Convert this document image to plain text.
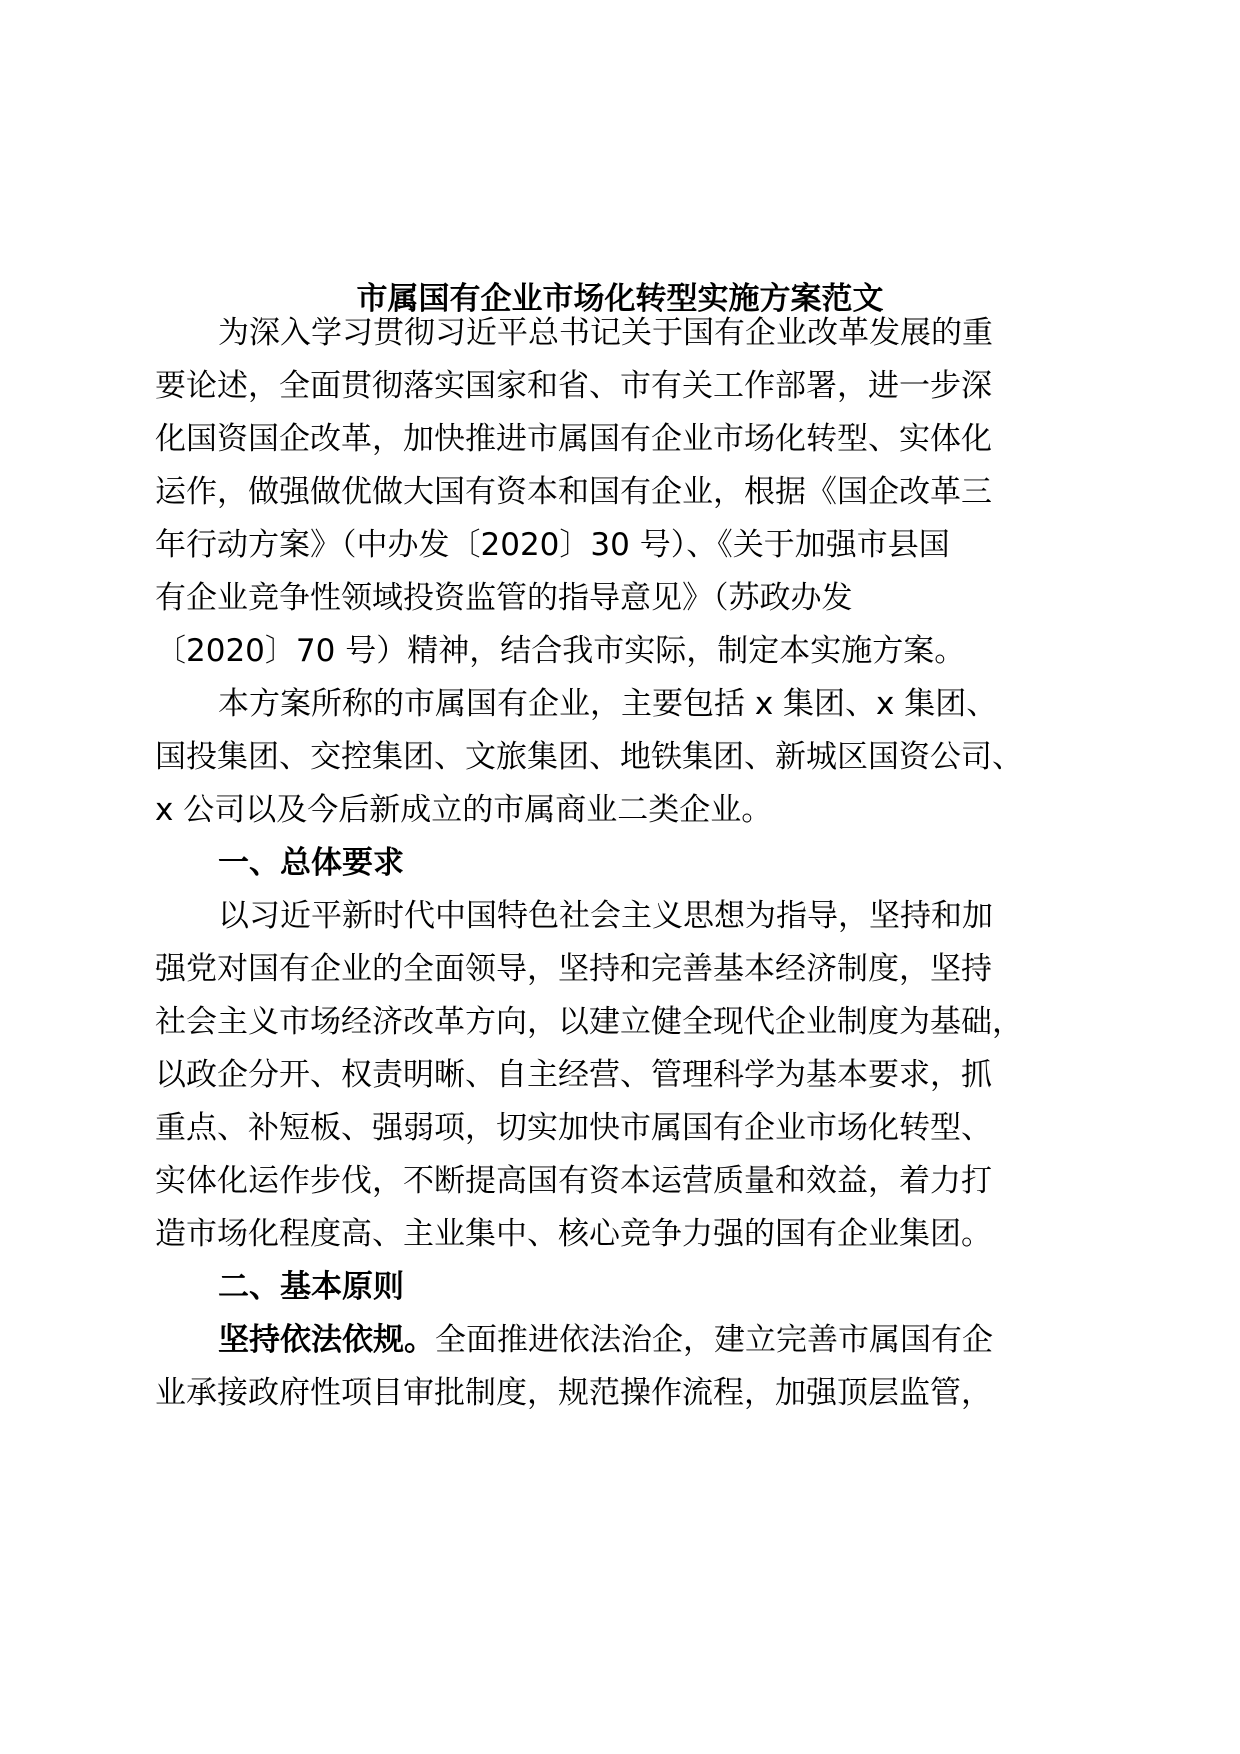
市属国有企业市场化转型实施方案范文

为深入学习贯彻习近平总书记关于国有企业改革发展的重

要论述，全面贯彻落实国家和省、市有关工作部署，进一步深

化国资国企改革，加快推进市属国有企业市场化转型、实体化

运作，做强做优做大国有资本和国有企业，根据《国企改革三

年行动方案》（中办发〔2020〕30 号）、《关于加强市县国

有企业竞争性领域投资监管的指导意见》（苏政办发

〔2020〕70 号）精神，结合我市实际，制定本实施方案。

本方案所称的市属国有企业，主要包括 x 集团、x 集团、

国投集团、交控集团、文旅集团、地铁集团、新城区国资公司、

x 公司以及今后新成立的市属商业二类企业。

一、总体要求

以习近平新时代中国特色社会主义思想为指导，坚持和加

强党对国有企业的全面领导，坚持和完善基本经济制度，坚持

社会主义市场经济改革方向，以建立健全现代企业制度为基础，

以政企分开、权责明晰、自主经营、管理科学为基本要求，抓

重点、补短板、强弱项，切实加快市属国有企业市场化转型、

实体化运作步伐，不断提高国有资本运营质量和效益，着力打

造市场化程度高、主业集中、核心竞争力强的国有企业集团。

二、基本原则

坚持依法依规。全面推进依法治企，建立完善市属国有企

业承接政府性项目审批制度，规范操作流程，加强顶层监管，
